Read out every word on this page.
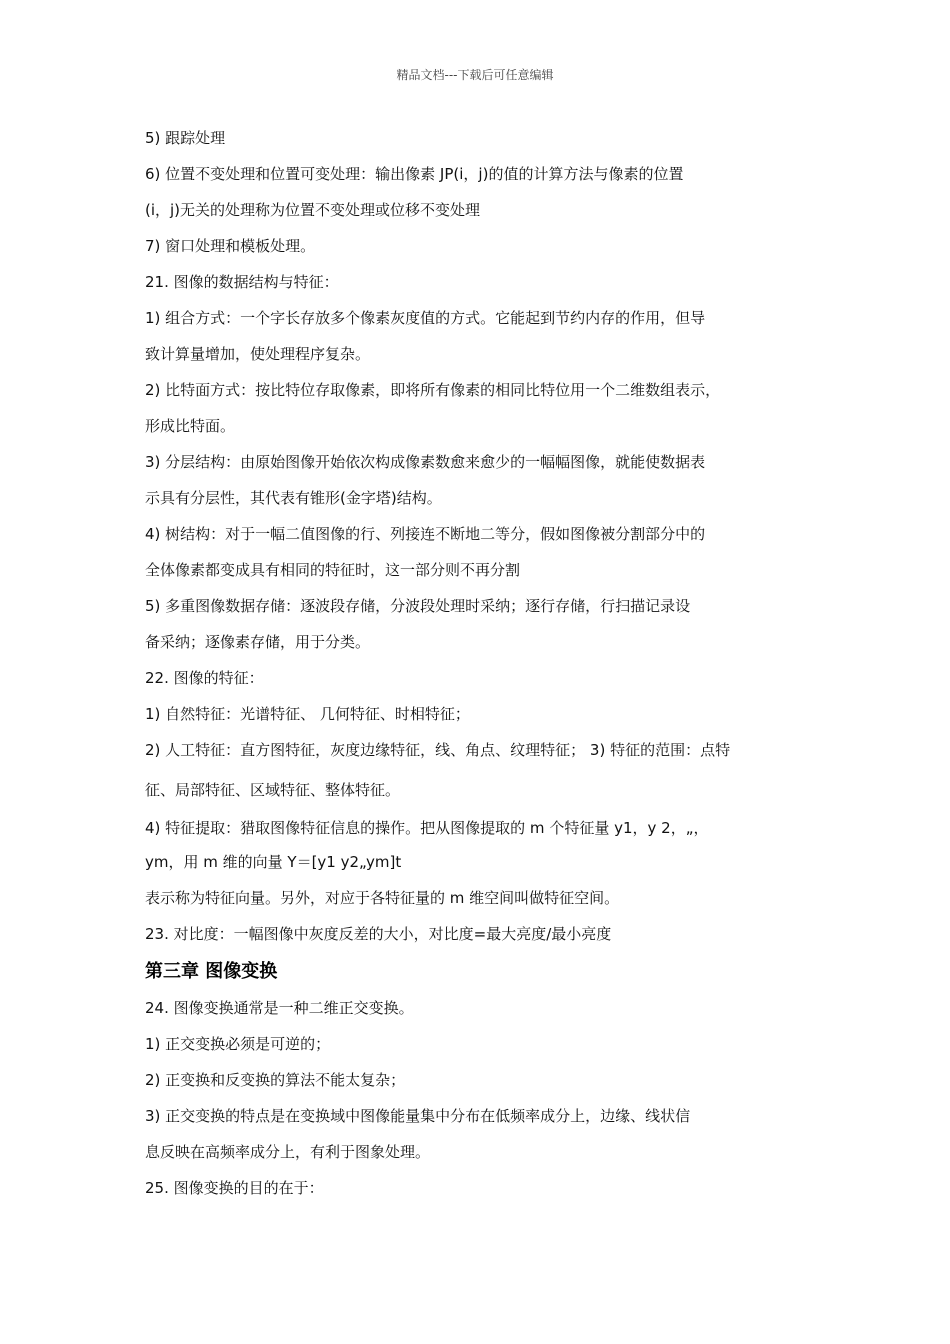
精品文档---下载后可任意编辑
5) 跟踪处理
6) 位置不变处理和位置可变处理：输出像素 JP(i，j)的值的计算方法与像素的位置
(i，j)无关的处理称为位置不变处理或位移不变处理
7) 窗口处理和模板处理。
21. 图像的数据结构与特征：
1) 组合方式：一个字长存放多个像素灰度值的方式。它能起到节约内存的作用，但导
致计算量增加，使处理程序复杂。
2) 比特面方式：按比特位存取像素，即将所有像素的相同比特位用一个二维数组表示，
形成比特面。
3) 分层结构：由原始图像开始依次构成像素数愈来愈少的一幅幅图像，就能使数据表
示具有分层性，其代表有锥形(金字塔)结构。
4) 树结构：对于一幅二值图像的行、列接连不断地二等分，假如图像被分割部分中的
全体像素都变成具有相同的特征时，这一部分则不再分割
5) 多重图像数据存储：逐波段存储，分波段处理时采纳；逐行存储，行扫描记录设
备采纳；逐像素存储，用于分类。
22. 图像的特征：
1) 自然特征：光谱特征、 几何特征、时相特征；
2) 人工特征：直方图特征，灰度边缘特征，线、角点、纹理特征； 3) 特征的范围：点特
征、局部特征、区域特征、整体特征。
4) 特征提取：猎取图像特征信息的操作。把从图像提取的 m 个特征量 y1，y 2，„，
ym，用 m 维的向量 Y＝[y1 y2„ym]t
表示称为特征向量。另外，对应于各特征量的 m 维空间叫做特征空间。
23. 对比度：一幅图像中灰度反差的大小，对比度=最大亮度/最小亮度
第三章 图像变换
24. 图像变换通常是一种二维正交变换。
1) 正交变换必须是可逆的；
2) 正变换和反变换的算法不能太复杂；
3) 正交变换的特点是在变换域中图像能量集中分布在低频率成分上，边缘、线状信
息反映在高频率成分上，有利于图象处理。
25. 图像变换的目的在于：
